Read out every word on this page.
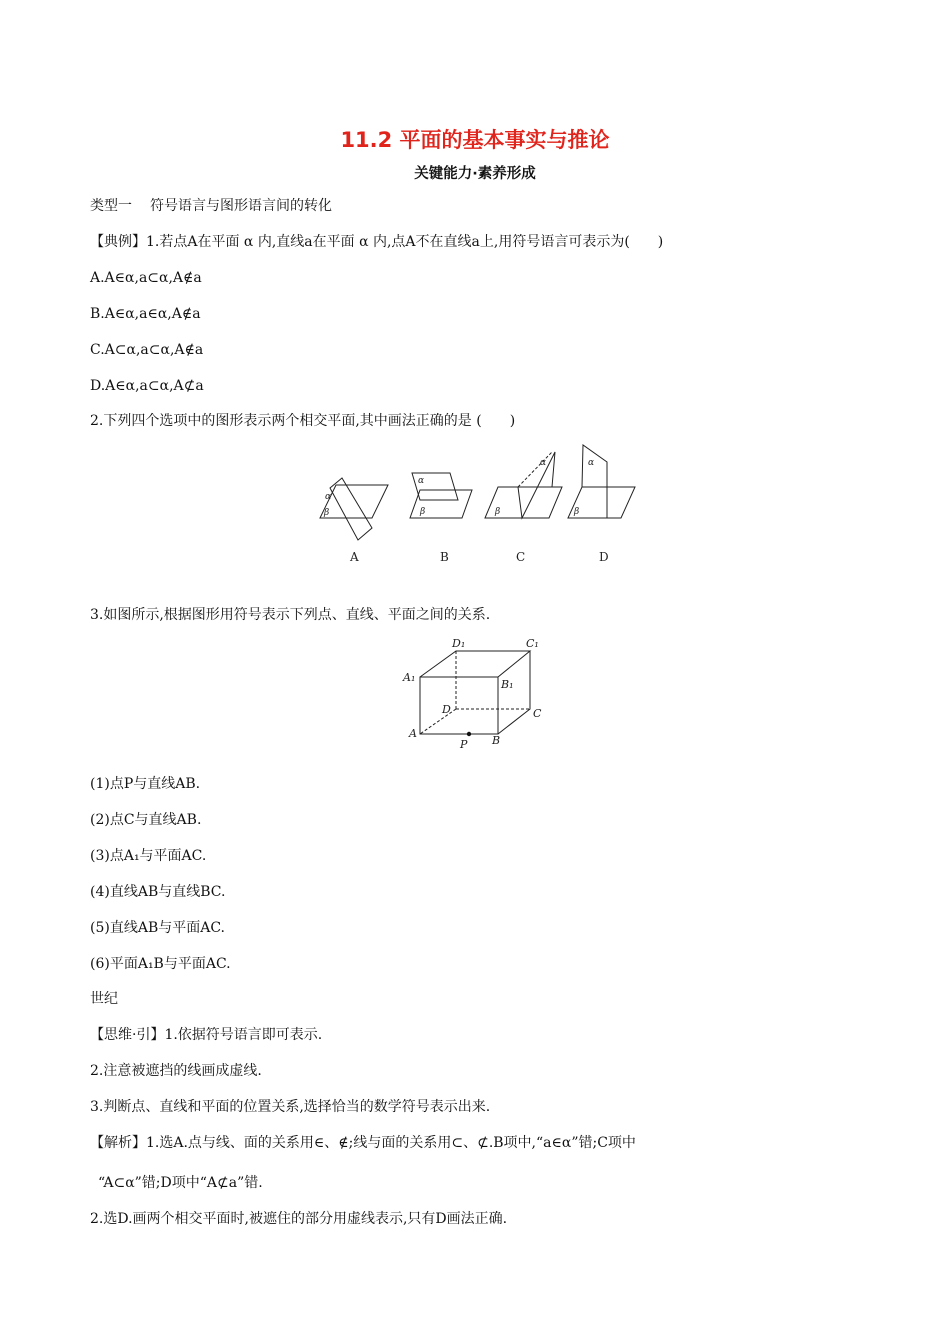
11.2 平面的基本事实与推论
关键能力·素养形成
类型一 符号语言与图形语言间的转化
【典例】1.若点A在平面 α 内,直线a在平面 α 内,点A不在直线a上,用符号语言可表示为(　　)
A.A∈α,a⊂α,A∉a
B.A∈α,a∈α,A∉a
C.A⊂α,a⊂α,A∉a
D.A∈α,a⊂α,A⊄a
2.下列四个选项中的图形表示两个相交平面,其中画法正确的是 (　　)
α
β
α
β
α
β
α
β
A	B	C	D
3.如图所示,根据图形用符号表示下列点、直线、平面之间的关系.
D₁	C₁
A₁
B₁
D	C
A
B
P
(1)点P与直线AB.
(2)点C与直线AB.
(3)点A₁与平面AC.
(4)直线AB与直线BC.
(5)直线AB与平面AC.
(6)平面A₁B与平面AC.
世纪
【思维·引】1.依据符号语言即可表示.
2.注意被遮挡的线画成虚线.
3.判断点、直线和平面的位置关系,选择恰当的数学符号表示出来.
【解析】1.选A.点与线、面的关系用∈、∉;线与面的关系用⊂、⊄.B项中,“a∈α”错;C项中
“A⊂α”错;D项中“A⊄a”错.
2.选D.画两个相交平面时,被遮住的部分用虚线表示,只有D画法正确.
